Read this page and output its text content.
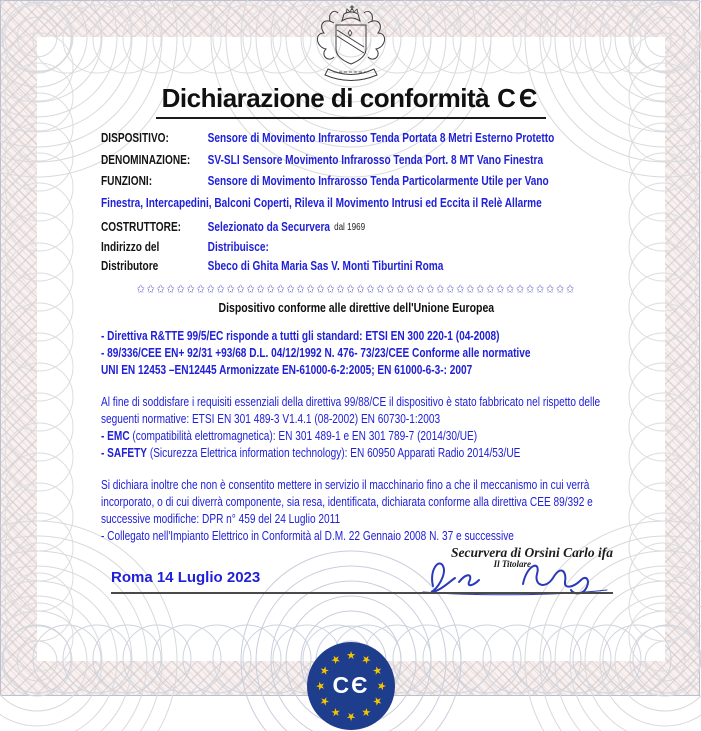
Dichiarazione di conformità CЄ
DISPOSITIVO:	Sensore di Movimento Infrarosso Tenda Portata 8 Metri Esterno Protetto
DENOMINAZIONE:	SV-SLI Sensore Movimento Infrarosso Tenda Port. 8 MT Vano Finestra
FUNZIONI:	Sensore di Movimento Infrarosso Tenda Particolarmente Utile per Vano
Finestra, Intercapedini, Balconi Coperti, Rileva il Movimento Intrusi ed Eccita il Relè Allarme
COSTRUTTORE:	Selezionato da Securvera dal 1969
Indirizzo del	Distribuisce:
Distributore	Sbeco di Ghita Maria Sas V. Monti Tiburtini Roma
✩✩✩✩✩✩✩✩✩✩✩✩✩✩✩✩✩✩✩✩✩✩✩✩✩✩✩✩✩✩✩✩✩✩✩✩✩✩✩✩✩✩✩✩
Dispositivo conforme alle direttive dell'Unione Europea
- Direttiva R&TTE 99/5/EC risponde a tutti gli standard: ETSI EN 300 220-1 (04-2008)
- 89/336/CEE EN+ 92/31 +93/68 D.L. 04/12/1992 N. 476- 73/23/CEE Conforme alle normative
UNI EN 12453 –EN12445 Armonizzate EN-61000-6-2:2005; EN 61000-6-3-: 2007
Al fine di soddisfare i requisiti essenziali della direttiva 99/88/CE il dispositivo è stato fabbricato nel rispetto delle seguenti normative: ETSI EN 301 489-3 V1.4.1 (08-2002) EN 60730-1:2003
- EMC (compatibilità elettromagnetica): EN 301 489-1 e EN 301 789-7 (2014/30/UE)
- SAFETY (Sicurezza Elettrica information technology): EN 60950 Apparati Radio 2014/53/UE
Si dichiara inoltre che non è consentito mettere in servizio il macchinario fino a che il meccanismo in cui verrà incorporato, o di cui diverrà componente, sia resa, identificata, dichiarata conforme alla direttiva CEE 89/392 e successive modifiche: DPR n° 459 del 24 Luglio 2011
- Collegato nell'Impianto Elettrico in Conformità al D.M. 22 Gennaio 2008 N. 37 e successive
Securvera di Orsini Carlo ifa
Il Titolare
Roma 14 Luglio 2023
★ ★
★
★
★
★
★
★
★
★
★
★
CЄ
